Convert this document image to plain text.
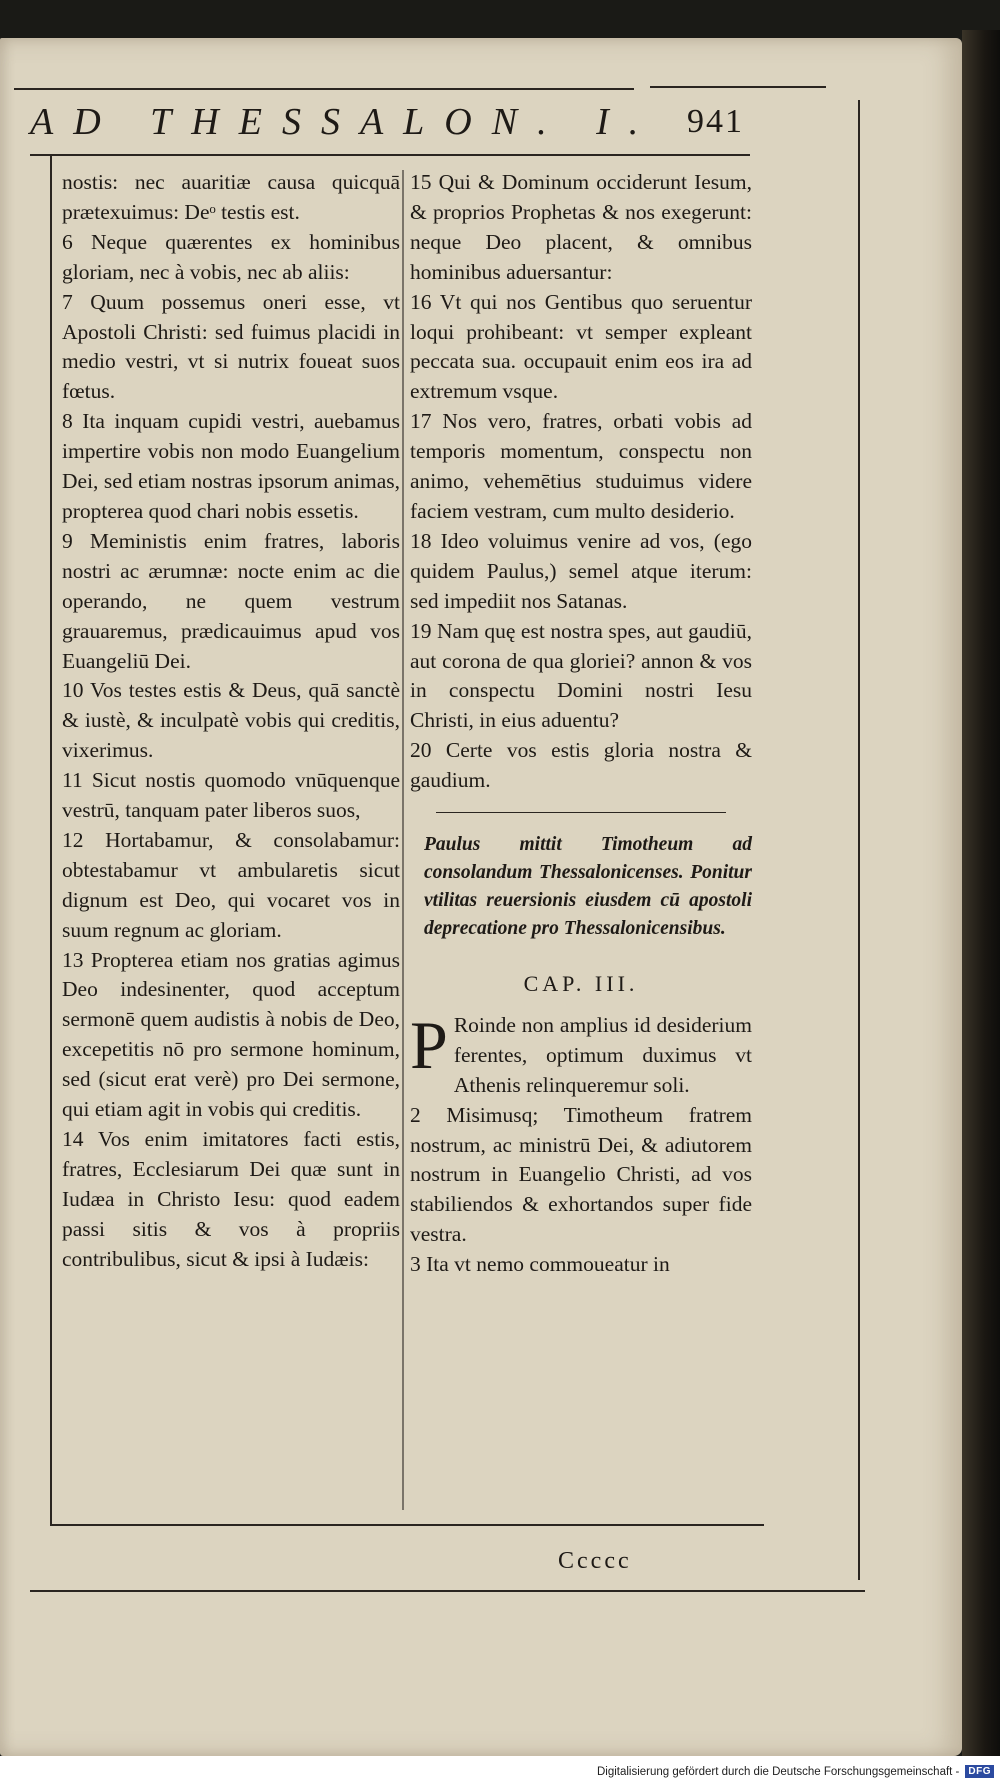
AD THESSALON. I. 941

nostis: nec auaritiæ causa quicquā prætexuimus: Deᵒ testis est.

6 Neque quærentes ex hominibus gloriam, nec à vobis, nec ab aliis:

7 Quum possemus oneri esse, vt Apostoli Christi: sed fuimus placidi in medio vestri, vt si nutrix foueat suos fœtus.

8 Ita inquam cupidi vestri, auebamus impertire vobis non modo Euangelium Dei, sed etiam nostras ipsorum animas, propterea quod chari nobis essetis.

9 Meministis enim fratres, laboris nostri ac ærumnæ: nocte enim ac die operando, ne quem vestrum grauaremus, prædicauimus apud vos Euangeliū Dei.

10 Vos testes estis & Deus, quā sanctè & iustè, & inculpatè vobis qui creditis, vixerimus.

11 Sicut nostis quomodo vnūquenque vestrū, tanquam pater liberos suos,

12 Hortabamur, & consolabamur: obtestabamur vt ambularetis sicut dignum est Deo, qui vocaret vos in suum regnum ac gloriam.

13 Propterea etiam nos gratias agimus Deo indesinenter, quod acceptum sermonē quem audistis à nobis de Deo, excepetitis nō pro sermone hominum, sed (sicut erat verè) pro Dei sermone, qui etiam agit in vobis qui creditis.

14 Vos enim imitatores facti estis, fratres, Ecclesiarum Dei quæ sunt in Iudæa in Christo Iesu: quod eadem passi sitis & vos à propriis contribulibus, sicut & ipsi à Iudæis:

15 Qui & Dominum occiderunt Iesum, & proprios Prophetas & nos exegerunt: neque Deo placent, & omnibus hominibus aduersantur:

16 Vt qui nos Gentibus quo seruentur loqui prohibeant: vt semper expleant peccata sua. occupauit enim eos ira ad extremum vsque.

17 Nos vero, fratres, orbati vobis ad temporis momentum, conspectu non animo, vehemētius studuimus videre faciem vestram, cum multo desiderio.

18 Ideo voluimus venire ad vos, (ego quidem Paulus,) semel atque iterum: sed impediit nos Satanas.

19 Nam quę est nostra spes, aut gaudiū, aut corona de qua gloriei? annon & vos in conspectu Domini nostri Iesu Christi, in eius aduentu?

20 Certe vos estis gloria nostra & gaudium.

Paulus mittit Timotheum ad consolandum Thessalonicenses. Ponitur vtilitas reuersionis eiusdem cū apostoli deprecatione pro Thessalonicensibus.

CAP. III.

P Roinde non amplius id desiderium ferentes, optimum duximus vt Athenis relinqueremur soli.

2 Misimusq; Timotheum fratrem nostrum, ac ministrū Dei, & adiutorem nostrum in Euangelio Christi, ad vos stabiliendos & exhortandos super fide vestra.

3 Ita vt nemo commoueatur in

Ccccc
Digitalisierung gefördert durch die Deutsche Forschungsgemeinschaft - DFG
